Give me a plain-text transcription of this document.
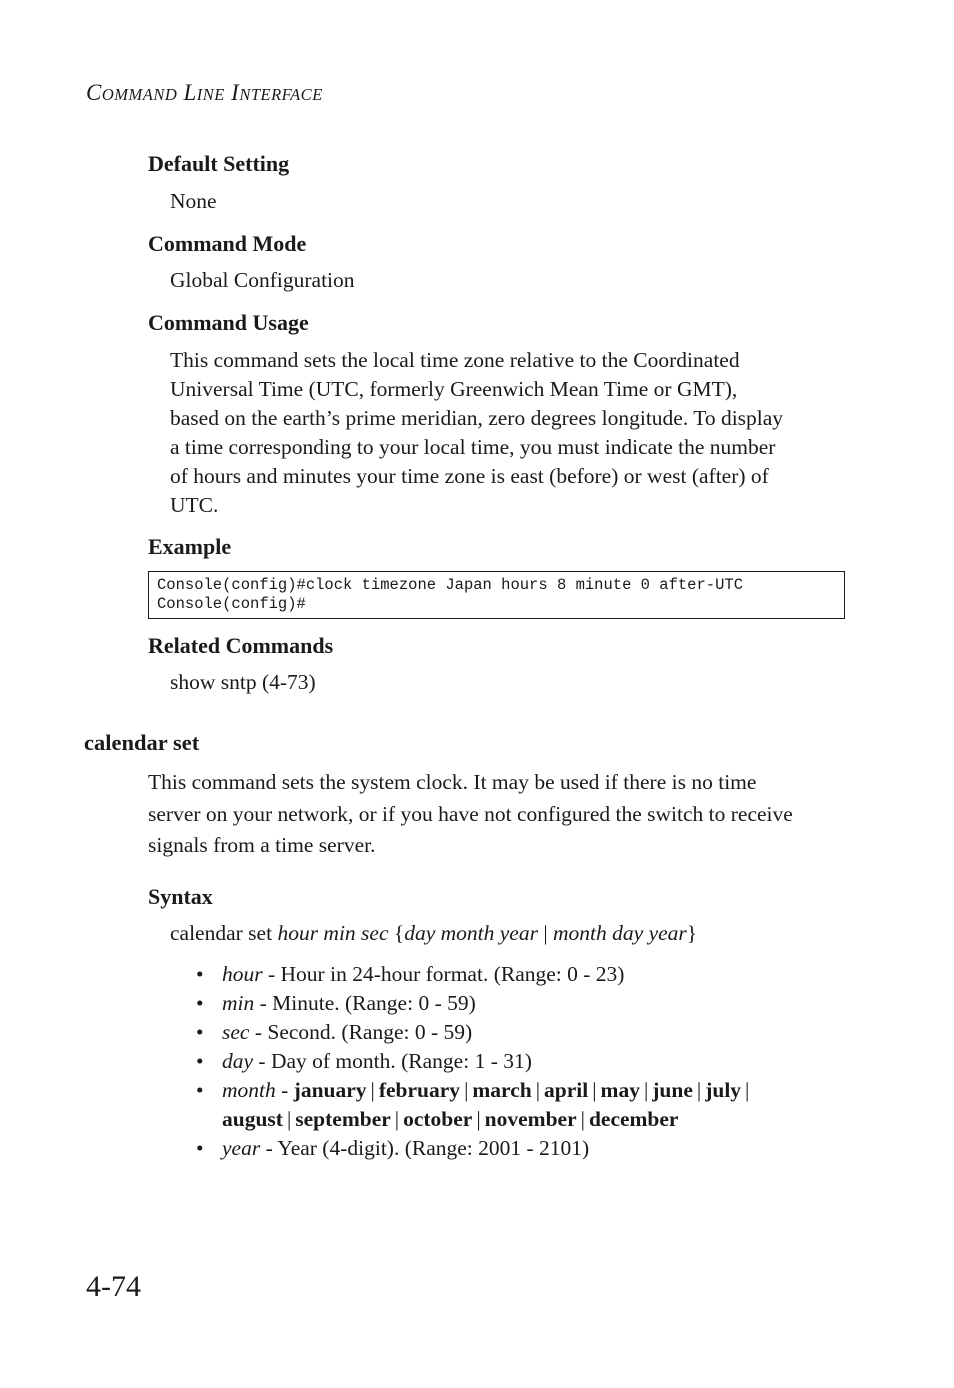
COMMAND LINE INTERFACE
Default Setting
None
Command Mode
Global Configuration
Command Usage
This command sets the local time zone relative to the Coordinated
Universal Time (UTC, formerly Greenwich Mean Time or GMT),
based on the earth’s prime meridian, zero degrees longitude. To display
a time corresponding to your local time, you must indicate the number
of hours and minutes your time zone is east (before) or west (after) of
UTC.
Example
Console(config)#clock timezone Japan hours 8 minute 0 after-UTC
Console(config)#
Related Commands
show sntp (4-73)
calendar set
This command sets the system clock. It may be used if there is no time
server on your network, or if you have not configured the switch to receive
signals from a time server.
Syntax
calendar set hour min sec {day month year | month day year}
• hour - Hour in 24-hour format. (Range: 0 - 23)
• min - Minute. (Range: 0 - 59)
• sec - Second. (Range: 0 - 59)
• day - Day of month. (Range: 1 - 31)
• month - january | february | march | april | may | june | july |
august | september | october | november | december
• year - Year (4-digit). (Range: 2001 - 2101)
4-74
